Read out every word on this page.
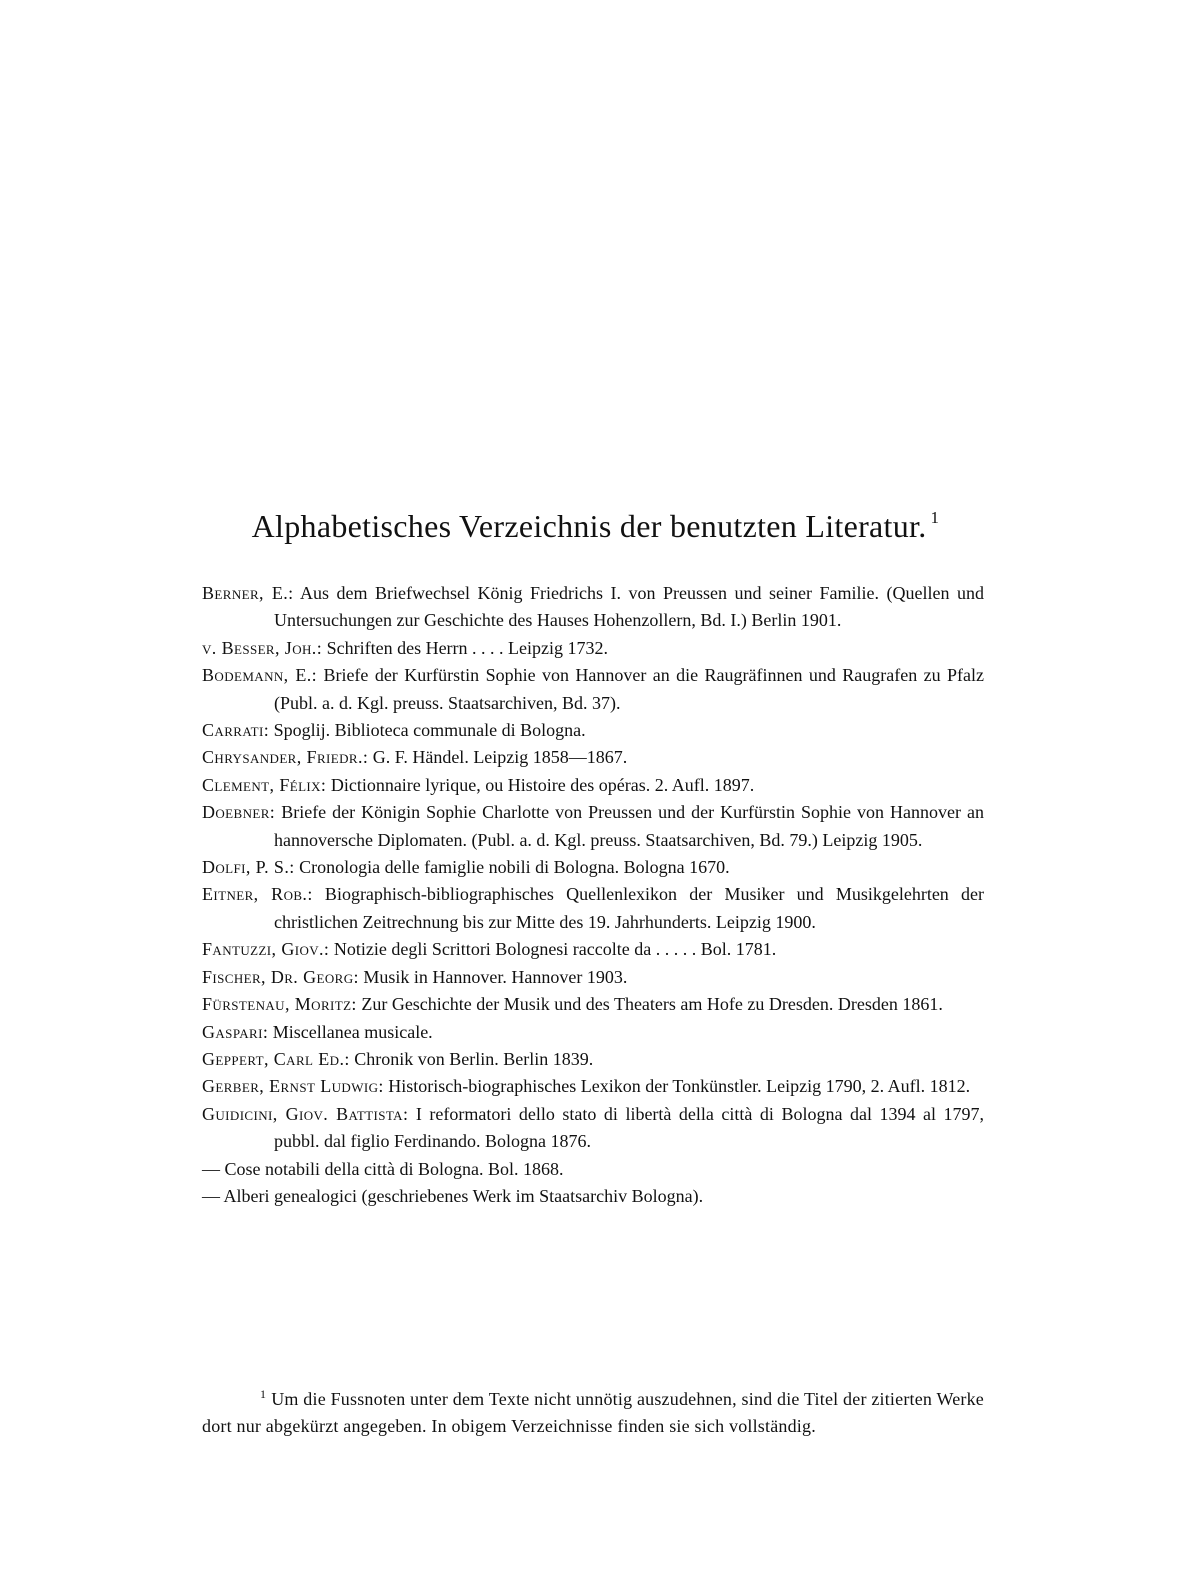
Alphabetisches Verzeichnis der benutzten Literatur. $^1$
Berner, E.: Aus dem Briefwechsel König Friedrichs I. von Preussen und seiner Familie. (Quellen und Untersuchungen zur Geschichte des Hauses Hohenzollern, Bd. I.) Berlin 1901.
v. Besser, Joh.: Schriften des Herrn . . . . Leipzig 1732.
Bodemann, E.: Briefe der Kurfürstin Sophie von Hannover an die Raugräfinnen und Raugrafen zu Pfalz (Publ. a. d. Kgl. preuss. Staatsarchiven, Bd. 37).
Carrati: Spoglij. Biblioteca communale di Bologna.
Chrysander, Friedr.: G. F. Händel. Leipzig 1858—1867.
Clement, Félix: Dictionnaire lyrique, ou Histoire des opéras. 2. Aufl. 1897.
Doebner: Briefe der Königin Sophie Charlotte von Preussen und der Kurfürstin Sophie von Hannover an hannoversche Diplomaten. (Publ. a. d. Kgl. preuss. Staatsarchiven, Bd. 79.) Leipzig 1905.
Dolfi, P. S.: Cronologia delle famiglie nobili di Bologna. Bologna 1670.
Eitner, Rob.: Biographisch-bibliographisches Quellenlexikon der Musiker und Musikgelehrten der christlichen Zeitrechnung bis zur Mitte des 19. Jahrhunderts. Leipzig 1900.
Fantuzzi, Giov.: Notizie degli Scrittori Bolognesi raccolte da . . . . . Bol. 1781.
Fischer, Dr. Georg: Musik in Hannover. Hannover 1903.
Fürstenau, Moritz: Zur Geschichte der Musik und des Theaters am Hofe zu Dresden. Dresden 1861.
Gaspari: Miscellanea musicale.
Geppert, Carl Ed.: Chronik von Berlin. Berlin 1839.
Gerber, Ernst Ludwig: Historisch-biographisches Lexikon der Tonkünstler. Leipzig 1790, 2. Aufl. 1812.
Guidicini, Giov. Battista: I reformatori dello stato di libertà della città di Bologna dal 1394 al 1797, pubbl. dal figlio Ferdinando. Bologna 1876.
— Cose notabili della città di Bologna. Bol. 1868.
— Alberi genealogici (geschriebenes Werk im Staatsarchiv Bologna).

$^1$ Um die Fussnoten unter dem Texte nicht unnötig auszudehnen, sind die Titel der zitierten Werke dort nur abgekürzt angegeben. In obigem Verzeichnisse finden sie sich vollständig.
